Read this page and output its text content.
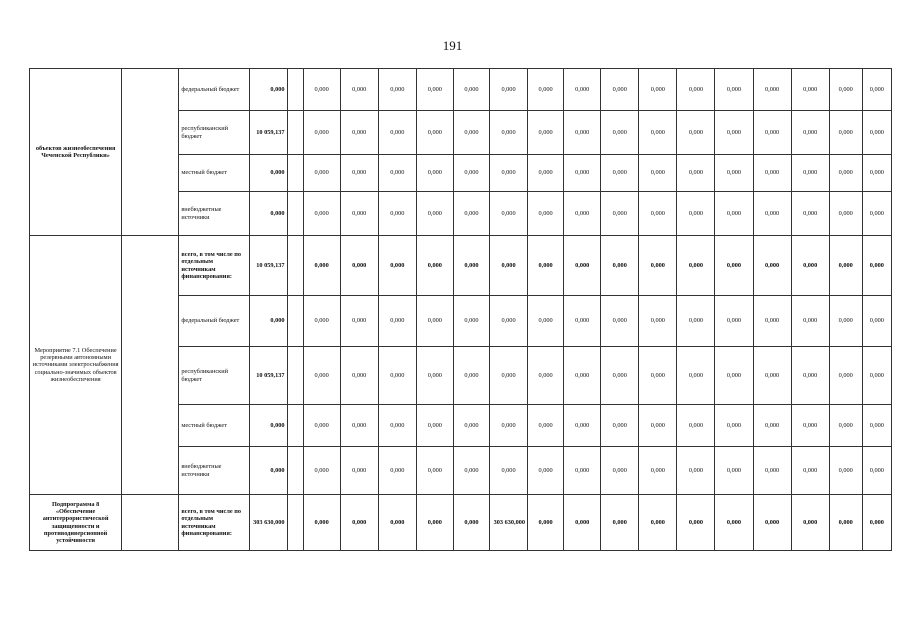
191
объектов жизнеобеспечения Чеченской Республики»		федеральный бюджет	0,000		0,000	0,000	0,000	0,000	0,000	0,000	0,000	0,000	0,000	0,000	0,000	0,000	0,000	0,000	0,000	0,000
		республиканский бюджет	10 059,137		0,000	0,000	0,000	0,000	0,000	0,000	0,000	0,000	0,000	0,000	0,000	0,000	0,000	0,000	0,000	0,000
		местный бюджет	0,000		0,000	0,000	0,000	0,000	0,000	0,000	0,000	0,000	0,000	0,000	0,000	0,000	0,000	0,000	0,000	0,000
		внебюджетные источники	0,000		0,000	0,000	0,000	0,000	0,000	0,000	0,000	0,000	0,000	0,000	0,000	0,000	0,000	0,000	0,000	0,000
Мероприятие 7.1 Обеспечение резервными автономными источниками электроснабжения социально-значимых объектов жизнеобеспечения		всего, в том числе по отдельным источникам финансирования:	10 059,137		0,000	0,000	0,000	0,000	0,000	0,000	0,000	0,000	0,000	0,000	0,000	0,000	0,000	0,000	0,000	0,000
		федеральный бюджет	0,000		0,000	0,000	0,000	0,000	0,000	0,000	0,000	0,000	0,000	0,000	0,000	0,000	0,000	0,000	0,000	0,000
		республиканский бюджет	10 059,137		0,000	0,000	0,000	0,000	0,000	0,000	0,000	0,000	0,000	0,000	0,000	0,000	0,000	0,000	0,000	0,000
		местный бюджет	0,000		0,000	0,000	0,000	0,000	0,000	0,000	0,000	0,000	0,000	0,000	0,000	0,000	0,000	0,000	0,000	0,000
		внебюджетные источники	0,000		0,000	0,000	0,000	0,000	0,000	0,000	0,000	0,000	0,000	0,000	0,000	0,000	0,000	0,000	0,000	0,000
Подпрограмма 8 «Обеспечение антитеррористической защищенности и противодиверсионной устойчивости		всего, в том числе по отдельным источникам финансирования:	303 630,000		0,000	0,000	0,000	0,000	0,000	303 630,000	0,000	0,000	0,000	0,000	0,000	0,000	0,000	0,000	0,000	0,000
